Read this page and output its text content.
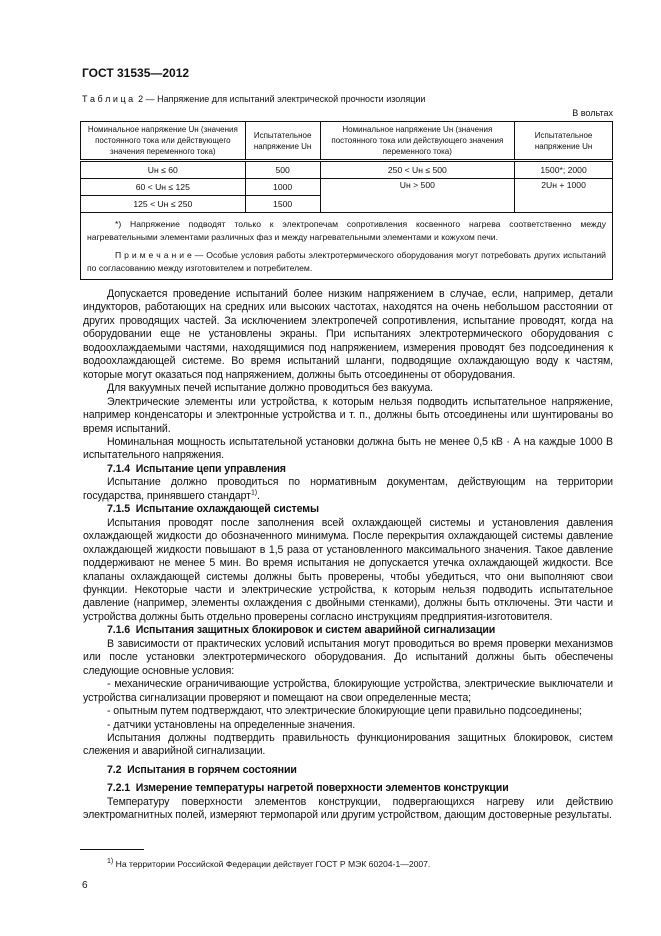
ГОСТ 31535—2012
Т а б л и ц а  2 — Напряжение для испытаний электрической прочности изоляции
В вольтах
Номинальное напряжение Uн (значения постоянного тока или действующего значения переменного тока)	Испытательное напряжение Uн	Номинальное напряжение Uн (значения постоянного тока или действующего значения переменного тока)	Испытательное напряжение Uн
Uн ≤ 60	500	250 < Uн ≤ 500	1500*; 2000
60 < Uн ≤ 125	1000	Uн > 500	2Uн + 1000
125 < Uн ≤ 250	1500		

*) Напряжение подводят только к электропечам сопротивления косвенного нагрева соответственно между нагревательными элементами различных фаз и между нагревательными элементами и кожухом печи.

П р и м е ч а н и е — Особые условия работы электротермического оборудования могут потребовать других испытаний по согласованию между изготовителем и потребителем.			

Допускается проведение испытаний более низким напряжением в случае, если, например, детали индукторов, работающих на средних или высоких частотах, находятся на очень небольшом расстоянии от других проводящих частей. За исключением электропечей сопротивления, испытание проводят, когда на оборудовании еще не установлены экраны. При испытаниях электротермического оборудования с водоохлаждаемыми частями, находящимися под напряжением, измерения проводят без подсоединения к водоохлаждающей системе. Во время испытаний шланги, подводящие охлаждающую воду к частям, которые могут оказаться под напряжением, должны быть отсоединены от оборудования.

Для вакуумных печей испытание должно проводиться без вакуума.

Электрические элементы или устройства, к которым нельзя подводить испытательное напряжение, например конденсаторы и электронные устройства и т. п., должны быть отсоединены или шунтированы во время испытаний.

Номинальная мощность испытательной установки должна быть не менее 0,5 кВ · А на каждые 1000 В испытательного напряжения.

7.1.4  Испытание цепи управления

Испытание должно проводиться по нормативным документам, действующим на территории государства, принявшего стандарт$^{1)}$.

7.1.5  Испытание охлаждающей системы

Испытания проводят после заполнения всей охлаждающей системы и установления давления охлаждающей жидкости до обозначенного минимума. После перекрытия охлаждающей системы давление охлаждающей жидкости повышают в 1,5 раза от установленного максимального значения. Такое давление поддерживают не менее 5 мин. Во время испытания не допускается утечка охлаждающей жидкости. Все клапаны охлаждающей системы должны быть проверены, чтобы убедиться, что они выполняют свои функции. Некоторые части и электрические устройства, к которым нельзя подводить испытательное давление (например, элементы охлаждения с двойными стенками), должны быть отключены. Эти части и устройства должны быть отдельно проверены согласно инструкциям предприятия-изготовителя.

7.1.6  Испытания защитных блокировок и систем аварийной сигнализации

В зависимости от практических условий испытания могут проводиться во время проверки механизмов или после установки электротермического оборудования. До испытаний должны быть обеспечены следующие основные условия:

- механические ограничивающие устройства, блокирующие устройства, электрические выключатели и устройства сигнализации проверяют и помещают на свои определенные места;

- опытным путем подтверждают, что электрические блокирующие цепи правильно подсоединены;

- датчики установлены на определенные значения.

Испытания должны подтвердить правильность функционирования защитных блокировок, систем слежения и аварийной сигнализации.

7.2  Испытания в горячем состоянии
7.2.1  Измерение температуры нагретой поверхности элементов конструкции

Температуру поверхности элементов конструкции, подвергающихся нагреву или действию электромагнитных полей, измеряют термопарой или другим устройством, дающим достоверные результаты.

$^{1)}$ На территории Российской Федерации действует ГОСТ Р МЭК 60204-1—2007.
6
